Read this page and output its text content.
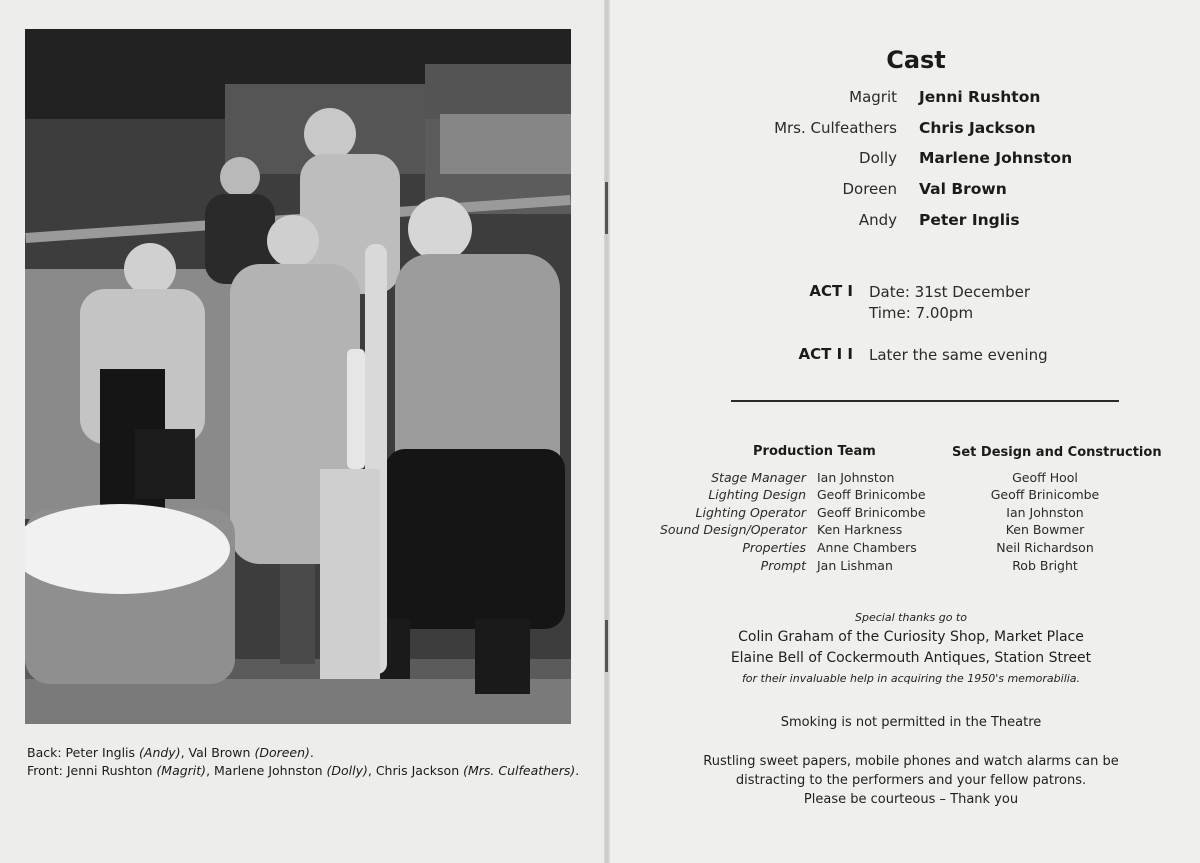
Back: Peter Inglis (Andy), Val Brown (Doreen).
Front: Jenni Rushton (Magrit), Marlene Johnston (Dolly), Chris Jackson (Mrs. Culfeathers).
Cast
Magrit Jenni Rushton
Mrs. Culfeathers Chris Jackson
Dolly Marlene Johnston
Doreen Val Brown
Andy Peter Inglis
ACT I Date: 31st December
Time: 7.00pm
ACT I I Later the same evening
Production Team	Set Design and Construction
Stage Manager Ian Johnston
Lighting Design Geoff Brinicombe
Lighting Operator Geoff Brinicombe
Sound Design/Operator Ken Harkness
Properties Anne Chambers
Prompt Jan Lishman
Geoff Hool
Geoff Brinicombe
Ian Johnston
Ken Bowmer
Neil Richardson
Rob Bright
Special thanks go to
Colin Graham of the Curiosity Shop, Market Place
Elaine Bell of Cockermouth Antiques, Station Street
for their invaluable help in acquiring the 1950's memorabilia.
Smoking is not permitted in the Theatre
Rustling sweet papers, mobile phones and watch alarms can be
distracting to the performers and your fellow patrons.
Please be courteous – Thank you
